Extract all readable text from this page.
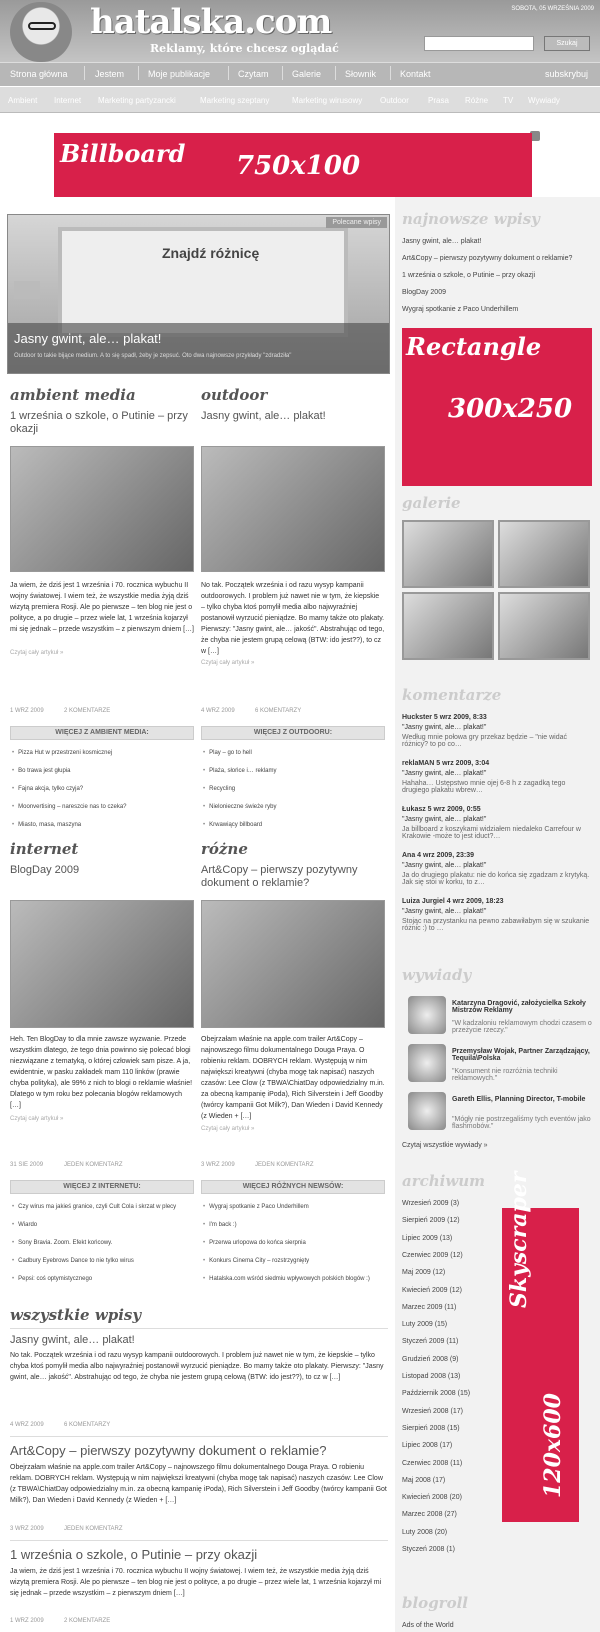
hatalska.com
Reklamy, które chcesz oglądać
SOBOTA, 05 WRZEŚNIA 2009
Szukaj
Strona główna	Jestem	Moje publikacje	Czytam	Galerie	Słownik	Kontakt	subskrybuj
Ambient Internet Marketing partyzancki	Marketing szeptany	Marketing wirusowy Outdoor Prasa Różne TV Wywiady
Billboard 750x100
Znajdź różnicę
Polecane wpisy
Jasny gwint, ale… plakat!
Outdoor to takie bijące medium. A to się spadł, żeby je zepsuć. Oto dwa najnowsze przykłady "zdradziła"
ambient media
1 września o szkole, o Putinie – przy okazji
Ja wiem, że dziś jest 1 września i 70. rocznica wybuchu II wojny światowej. I wiem też, że wszystkie media żyją dziś wizytą premiera Rosji. Ale po pierwsze – ten blog nie jest o polityce, a po drugie – przez wiele lat, 1 września kojarzył mi się jednak – przede wszystkim – z pierwszym dniem […]
Czytaj cały artykuł »
1 WRZ 2009	2 KOMENTARZE
WIĘCEJ Z AMBIENT MEDIA:
• Pizza Hut w przestrzeni kosmicznej
• Bo trawa jest głupia
• Fajna akcja, tylko czyja?
• Moonvertising – nareszcie nas to czeka?
• Miasto, masa, maszyna
outdoor
Jasny gwint, ale… plakat!
No tak. Początek września i od razu wysyp kampanii outdoorowych. I problem już nawet nie w tym, że kiepskie – tylko chyba ktoś pomylił media albo najwyraźniej postanowił wyrzucić pieniądze. Bo mamy także oto plakaty. Pierwszy: "Jasny gwint, ale… jakość". Abstrahując od tego, że chyba nie jestem grupą celową (BTW: ido jest??), to cz w […]
Czytaj cały artykuł »
4 WRZ 2009	6 KOMENTARZY
WIĘCEJ Z OUTDOORU:
• Play – go to hell
• Plaża, słońce i… reklamy
• Recycling
• Nielonieczne świeże ryby
• Krwawiący billboard
internet
BlogDay 2009
Heh. Ten BlogDay to dla mnie zawsze wyzwanie. Przede wszystkim dlatego, że tego dnia powinno się polecać blogi niezwiązane z tematyką, o której człowiek sam pisze. A ja, ewidentnie, w pasku zakładek mam 110 linków (prawie chyba polityka), ale 99% z nich to blogi o reklamie właśnie! Dlatego w tym roku bez polecania blogów reklamowych […]
Czytaj cały artykuł »
31 SIE 2009	JEDEN KOMENTARZ
WIĘCEJ Z INTERNETU:
• Czy wirus ma jakieś granice, czyli Cult Cola i skrzat w plecy
• Wiardo
• Sony Bravia. Zoom. Efekt końcowy.
• Cadbury Eyebrows Dance to nie tylko wirus
• Pepsi: coś optymistycznego
różne
Art&Copy – pierwszy pozytywny dokument o reklamie?
Obejrzałam właśnie na apple.com trailer Art&Copy – najnowszego filmu dokumentalnego Douga Praya. O robieniu reklam. DOBRYCH reklam. Występują w nim największi kreatywni (chyba mogę tak napisać) naszych czasów: Lee Clow (z TBWA\ChiatDay odpowiedzialny m.in. za obecną kampanię iPoda), Rich Silverstein i Jeff Goodby (twórcy kampanii Got Milk?), Dan Wieden i David Kennedy (z Wieden + […]
Czytaj cały artykuł »
3 WRZ 2009	JEDEN KOMENTARZ
WIĘCEJ RÓŻNYCH NEWSÓW:
• Wygraj spotkanie z Paco Underhillem
• I'm back :)
• Przerwa urlopowa do końca sierpnia
• Konkurs Cinema City – rozstrzygnięty
• Hatalska.com wśród siedmiu wpływowych polskich blogów :)
wszystkie wpisy
Jasny gwint, ale… plakat!
No tak. Początek września i od razu wysyp kampanii outdoorowych. I problem już nawet nie w tym, że kiepskie – tylko chyba ktoś pomylił media albo najwyraźniej postanowił wyrzucić pieniądze. Bo mamy także oto plakaty. Pierwszy: "Jasny gwint, ale… jakość". Abstrahując od tego, że chyba nie jestem grupą celową (BTW: ido jest??), to cz w […]
4 WRZ 2009	6 KOMENTARZY
Art&Copy – pierwszy pozytywny dokument o reklamie?
Obejrzałam właśnie na apple.com trailer Art&Copy – najnowszego filmu dokumentalnego Douga Praya. O robieniu reklam. DOBRYCH reklam. Występują w nim największi kreatywni (chyba mogę tak napisać) naszych czasów: Lee Clow (z TBWA\ChiatDay odpowiedzialny m.in. za obecną kampanię iPoda), Rich Silverstein i Jeff Goodby (twórcy kampanii Got Milk?), Dan Wieden i David Kennedy (z Wieden + […]
3 WRZ 2009	JEDEN KOMENTARZ
1 września o szkole, o Putinie – przy okazji
Ja wiem, że dziś jest 1 września i 70. rocznica wybuchu II wojny światowej. I wiem też, że wszystkie media żyją dziś wizytą premiera Rosji. Ale po pierwsze – ten blog nie jest o polityce, a po drugie – przez wiele lat, 1 września kojarzył mi się jednak – przede wszystkim – z pierwszym dniem […]
1 WRZ 2009	2 KOMENTARZE
najnowsze wpisy
Jasny gwint, ale… plakat!
Art&Copy – pierwszy pozytywny dokument o reklamie?
1 września o szkole, o Putinie – przy okazji
BlogDay 2009
Wygraj spotkanie z Paco Underhillem
Rectangle
300x250
galerie
komentarze
Huckster 5 wrz 2009, 8:33
"Jasny gwint, ale… plakat!"
Według mnie połowa gry przekaz będzie – "nie widać różnicy? to po co…
reklaMAN 5 wrz 2009, 3:04
"Jasny gwint, ale… plakat!"
Hahaha… Ustępstwo mnie ojej 6-8 h z zagadką tego drugiego plakatu wbrew…
Łukasz 5 wrz 2009, 0:55
"Jasny gwint, ale… plakat!"
Ja billboard z koszykami widziałem niedaleko Carrefour w Krakowie -może to jest iduct?…
Ana 4 wrz 2009, 23:39
"Jasny gwint, ale… plakat!"
Ja do drugiego plakatu: nie do końca się zgadzam z krytyką. Jak się stoi w korku, to z…
Luiza Jurgiel 4 wrz 2009, 18:23
"Jasny gwint, ale… plakat!"
Stojąc na przystanku na pewno zabawiłabym się w szukanie różnic :) to …
wywiady
Katarzyna Dragović, założycielka Szkoły Mistrzów Reklamy
"W kadzaloniu reklamowym chodzi czasem o przeżycie rzeczy."
Przemysław Wojak, Partner Zarządzający, Tequila\Polska
"Konsument nie rozróżnia techniki reklamowych."
Gareth Ellis, Planning Director, T-mobile
"Mógły nie postrzegaliśmy tych eventów jako flashmobów."
Czytaj wszystkie wywiady »
archiwum
Wrzesień 2009 (3)
Sierpień 2009 (12)
Lipiec 2009 (13)
Czerwiec 2009 (12)
Maj 2009 (12)
Kwiecień 2009 (12)
Marzec 2009 (11)
Luty 2009 (15)
Styczeń 2009 (11)
Grudzień 2008 (9)
Listopad 2008 (13)
Październik 2008 (15)
Wrzesień 2008 (17)
Sierpień 2008 (15)
Lipiec 2008 (17)
Czerwiec 2008 (11)
Maj 2008 (17)
Kwiecień 2008 (20)
Marzec 2008 (27)
Luty 2008 (20)
Styczeń 2008 (1)
Skyscraper
120x600
blogroll
Ads of the World
